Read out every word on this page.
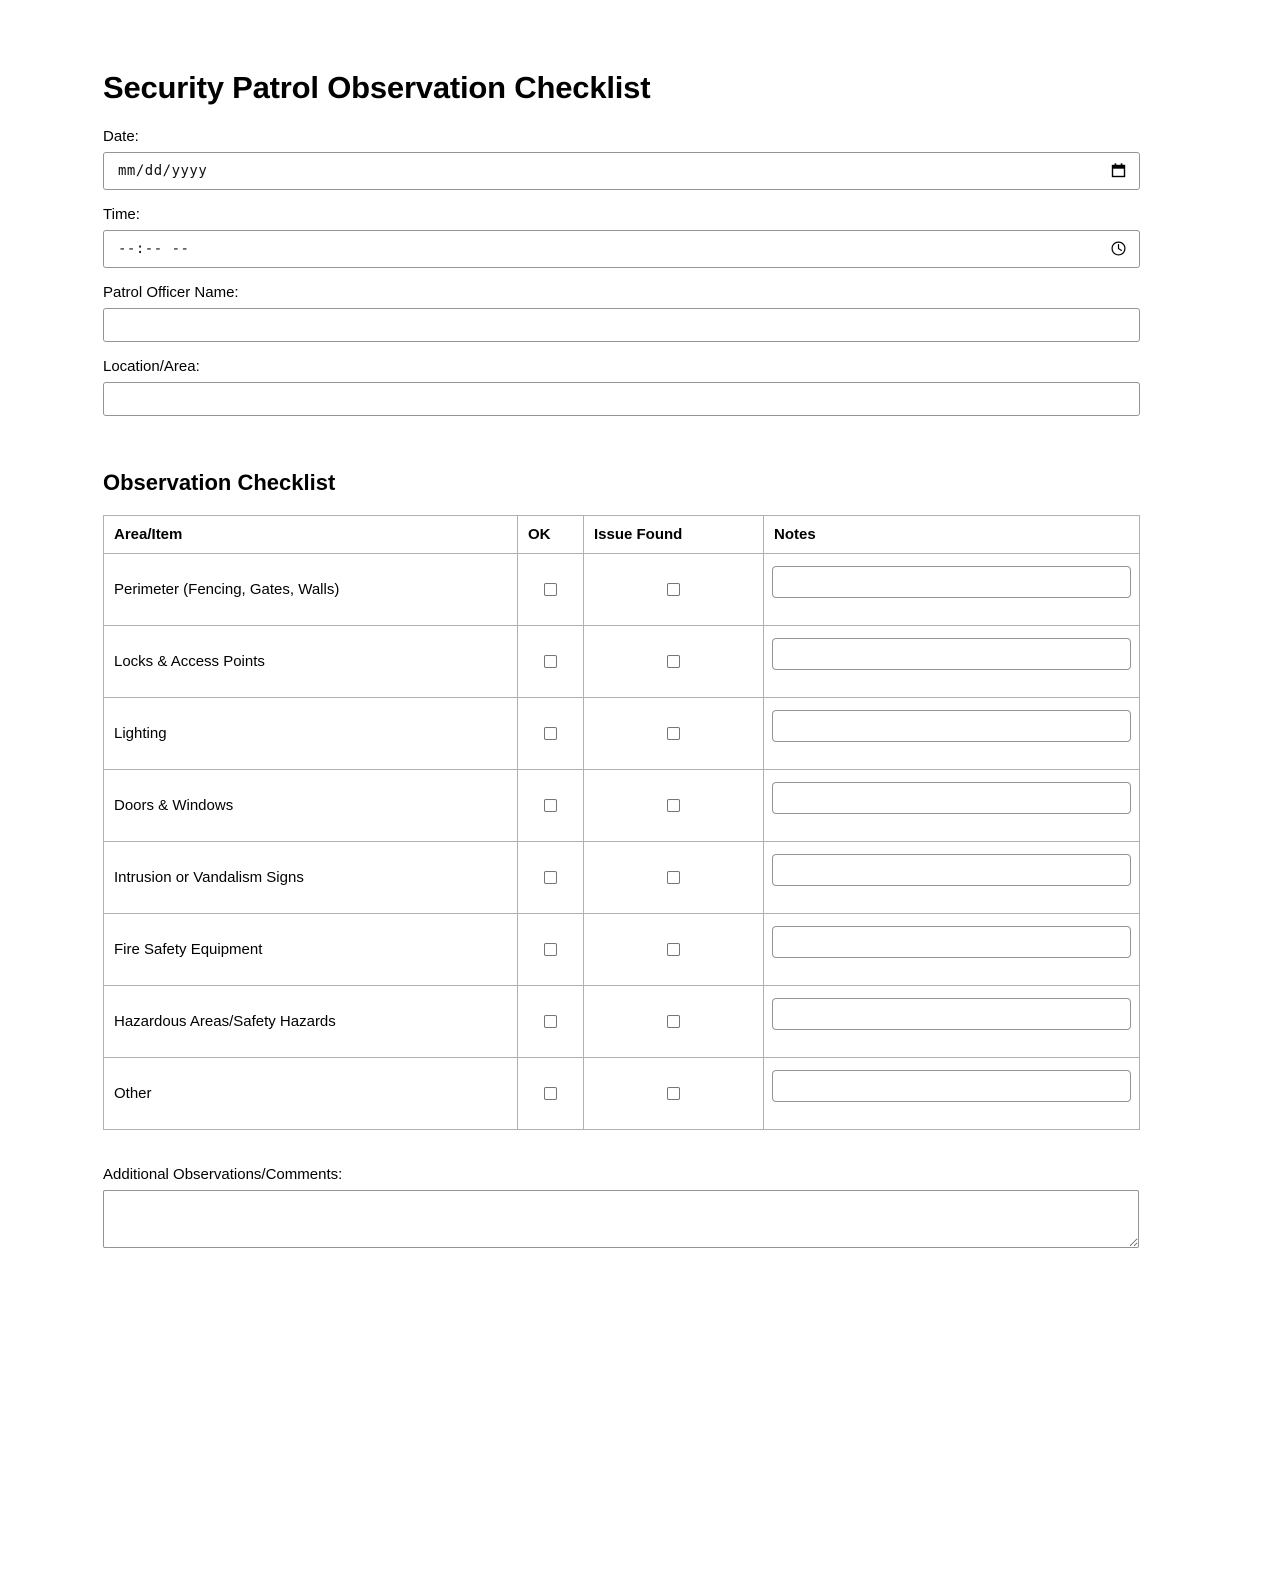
Security Patrol Observation Checklist
Date:
mm/dd/yyyy
Time:
--:-- --
Patrol Officer Name:
Location/Area:
Observation Checklist
Area/Item	OK	Issue Found	Notes
Perimeter (Fencing, Gates, Walls)			

Locks & Access Points			

Lighting			

Doors & Windows			

Intrusion or Vandalism Signs			

Fire Safety Equipment			

Hazardous Areas/Safety Hazards			

Other			
Additional Observations/Comments:
